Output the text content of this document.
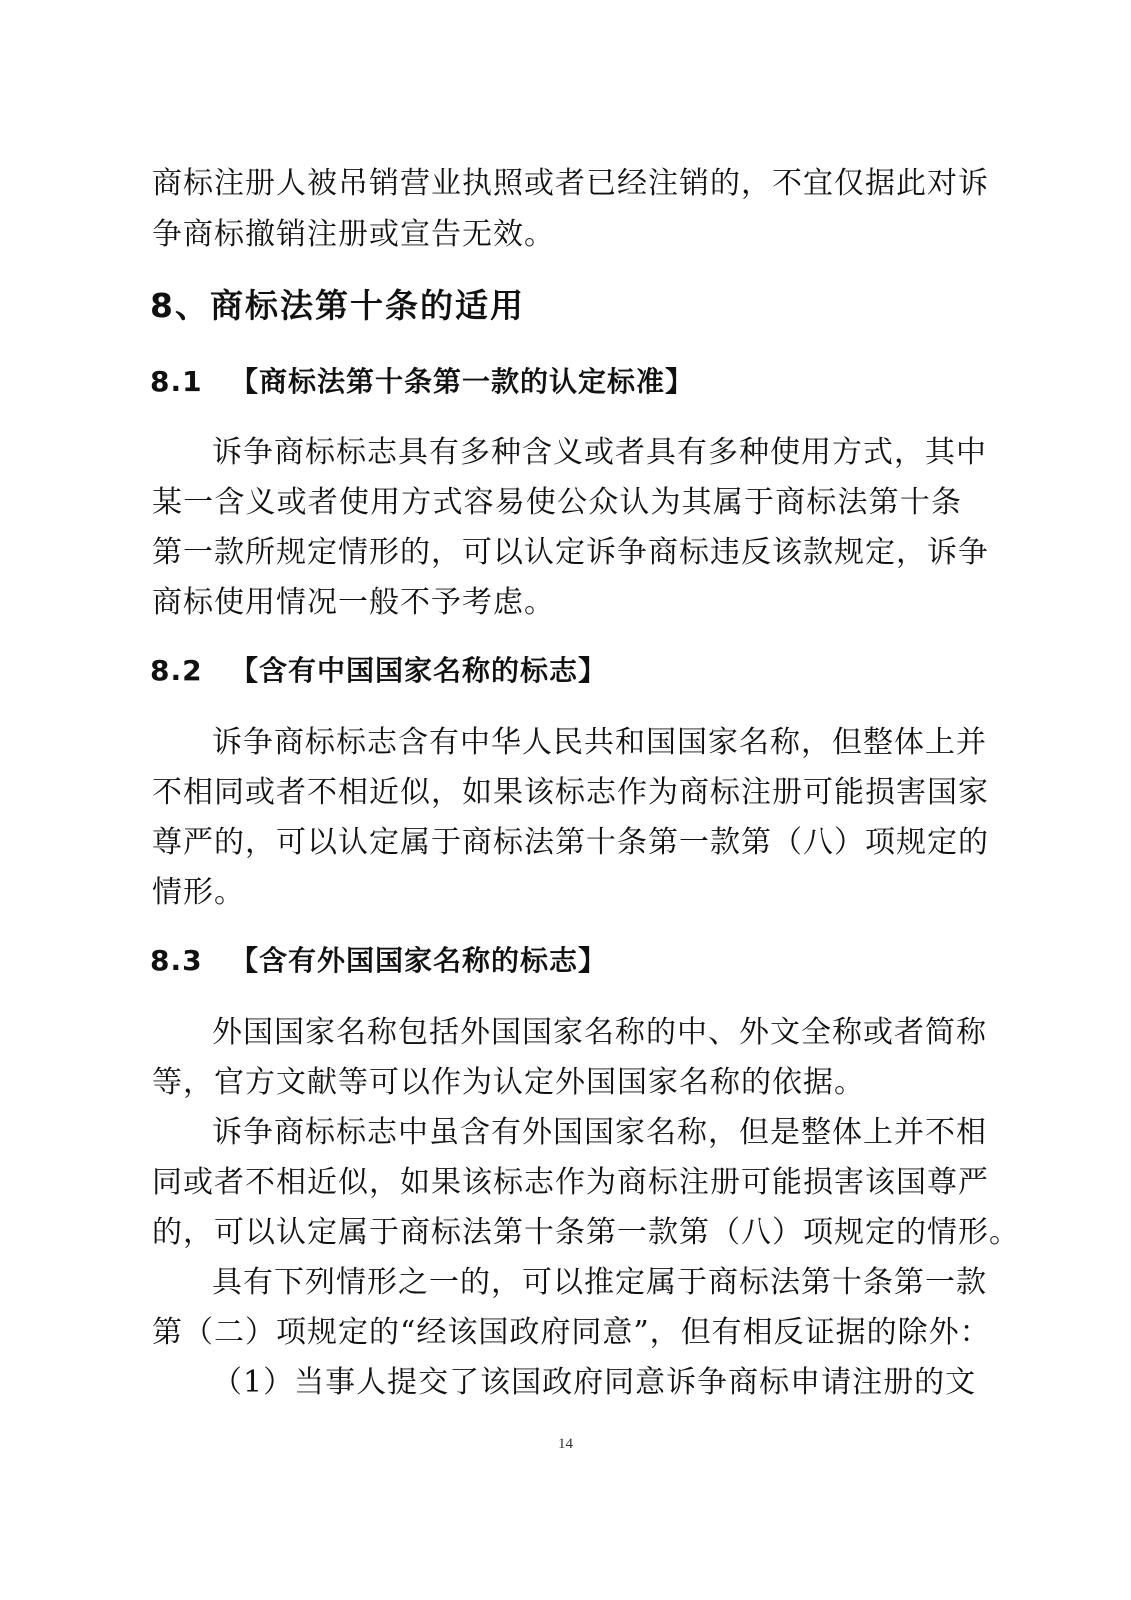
商标注册人被吊销营业执照或者已经注销的，不宜仅据此对诉

争商标撤销注册或宣告无效。

8、商标法第十条的适用
8.1 【商标法第十条第一款的认定标准】

诉争商标标志具有多种含义或者具有多种使用方式，其中

某一含义或者使用方式容易使公众认为其属于商标法第十条

第一款所规定情形的，可以认定诉争商标违反该款规定，诉争

商标使用情况一般不予考虑。

8.2 【含有中国国家名称的标志】

诉争商标标志含有中华人民共和国国家名称，但整体上并

不相同或者不相近似，如果该标志作为商标注册可能损害国家

尊严的，可以认定属于商标法第十条第一款第（八）项规定的

情形。

8.3 【含有外国国家名称的标志】

外国国家名称包括外国国家名称的中、外文全称或者简称

等，官方文献等可以作为认定外国国家名称的依据。

诉争商标标志中虽含有外国国家名称，但是整体上并不相

同或者不相近似，如果该标志作为商标注册可能损害该国尊严

的，可以认定属于商标法第十条第一款第（八）项规定的情形。

具有下列情形之一的，可以推定属于商标法第十条第一款

第（二）项规定的“经该国政府同意”，但有相反证据的除外：

（1）当事人提交了该国政府同意诉争商标申请注册的文

14
